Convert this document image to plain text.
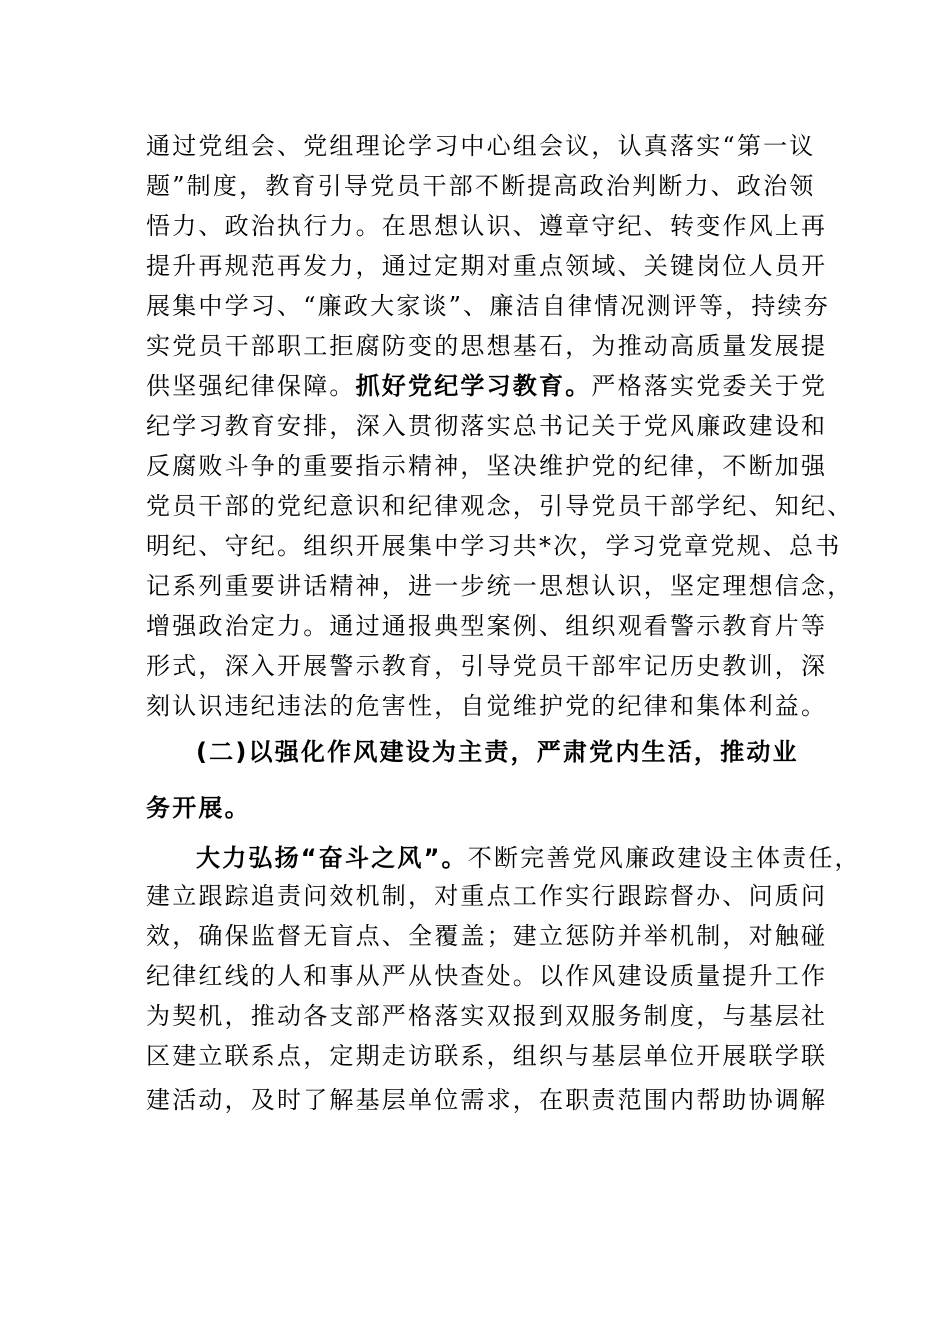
通过党组会、党组理论学习中心组会议，认真落实“第一议
题”制度，教育引导党员干部不断提高政治判断力、政治领
悟力、政治执行力。在思想认识、遵章守纪、转变作风上再
提升再规范再发力，通过定期对重点领域、关键岗位人员开
展集中学习、“廉政大家谈”、廉洁自律情况测评等，持续夯
实党员干部职工拒腐防变的思想基石，为推动高质量发展提
供坚强纪律保障。抓好党纪学习教育。严格落实党委关于党
纪学习教育安排，深入贯彻落实总书记关于党风廉政建设和
反腐败斗争的重要指示精神，坚决维护党的纪律，不断加强
党员干部的党纪意识和纪律观念，引导党员干部学纪、知纪、
明纪、守纪。组织开展集中学习共*次，学习党章党规、总书
记系列重要讲话精神，进一步统一思想认识，坚定理想信念，
增强政治定力。通过通报典型案例、组织观看警示教育片等
形式，深入开展警示教育，引导党员干部牢记历史教训，深
刻认识违纪违法的危害性，自觉维护党的纪律和集体利益。
(二)以强化作风建设为主责，严肃党内生活，推动业
务开展。
大力弘扬“奋斗之风”。不断完善党风廉政建设主体责任，
建立跟踪追责问效机制，对重点工作实行跟踪督办、问质问
效，确保监督无盲点、全覆盖；建立惩防并举机制，对触碰
纪律红线的人和事从严从快查处。以作风建设质量提升工作
为契机，推动各支部严格落实双报到双服务制度，与基层社
区建立联系点，定期走访联系，组织与基层单位开展联学联
建活动，及时了解基层单位需求，在职责范围内帮助协调解
